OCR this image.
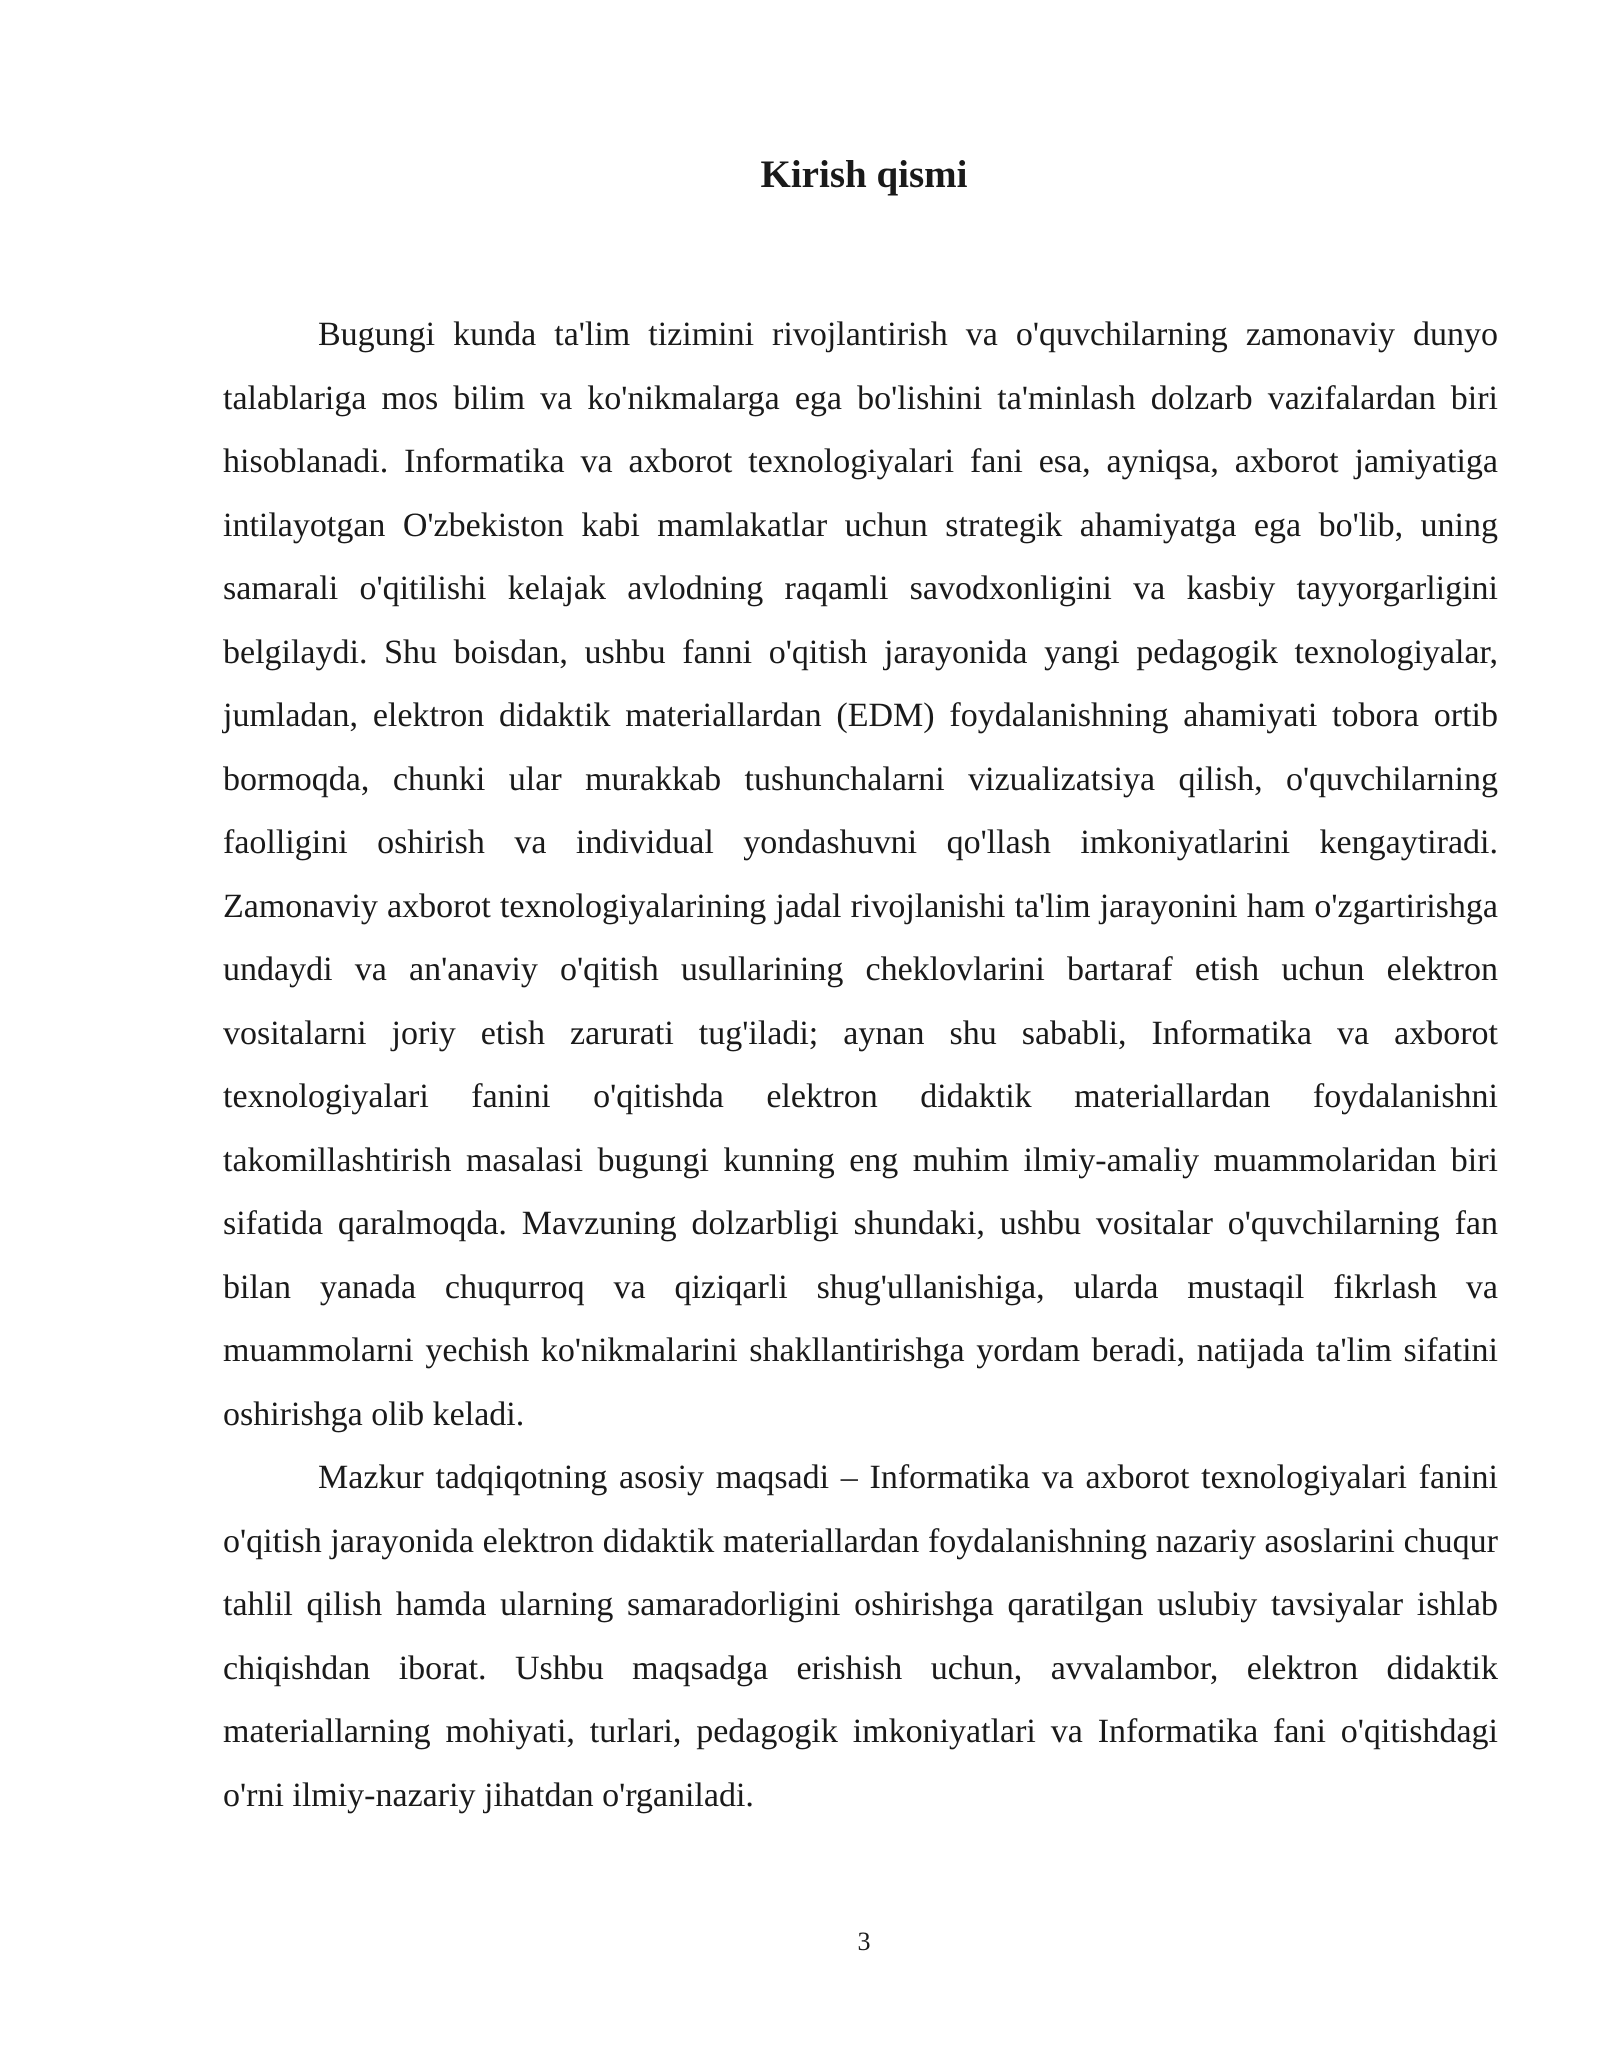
Kirish qismi

Bugungi kunda ta'lim tizimini rivojlantirish va o'quvchilarning zamonaviy dunyo talablariga mos bilim va ko'nikmalarga ega bo'lishini ta'minlash dolzarb vazifalardan biri hisoblanadi. Informatika va axborot texnologiyalari fani esa, ayniqsa, axborot jamiyatiga intilayotgan O'zbekiston kabi mamlakatlar uchun strategik ahamiyatga ega bo'lib, uning samarali o'qitilishi kelajak avlodning raqamli savodxonligini va kasbiy tayyorgarligini belgilaydi. Shu boisdan, ushbu fanni o'qitish jarayonida yangi pedagogik texnologiyalar, jumladan, elektron didaktik materiallardan (EDM) foydalanishning ahamiyati tobora ortib bormoqda, chunki ular murakkab tushunchalarni vizualizatsiya qilish, o'quvchilarning faolligini oshirish va individual yondashuvni qo'llash imkoniyatlarini kengaytiradi. Zamonaviy axborot texnologiyalarining jadal rivojlanishi ta'lim jarayonini ham o'zgartirishga undaydi va an'anaviy o'qitish usullarining cheklovlarini bartaraf etish uchun elektron vositalarni joriy etish zarurati tug'iladi; aynan shu sababli, Informatika va axborot texnologiyalari fanini o'qitishda elektron didaktik materiallardan foydalanishni takomillashtirish masalasi bugungi kunning eng muhim ilmiy-amaliy muammolaridan biri sifatida qaralmoqda. Mavzuning dolzarbligi shundaki, ushbu vositalar o'quvchilarning fan bilan yanada chuqurroq va qiziqarli shug'ullanishiga, ularda mustaqil fikrlash va muammolarni yechish ko'nikmalarini shakllantirishga yordam beradi, natijada ta'lim sifatini oshirishga olib keladi.

Mazkur tadqiqotning asosiy maqsadi – Informatika va axborot texnologiyalari fanini o'qitish jarayonida elektron didaktik materiallardan foydalanishning nazariy asoslarini chuqur tahlil qilish hamda ularning samaradorligini oshirishga qaratilgan uslubiy tavsiyalar ishlab chiqishdan iborat. Ushbu maqsadga erishish uchun, avvalambor, elektron didaktik materiallarning mohiyati, turlari, pedagogik imkoniyatlari va Informatika fani o'qitishdagi o'rni ilmiy-nazariy jihatdan o'rganiladi.

3
